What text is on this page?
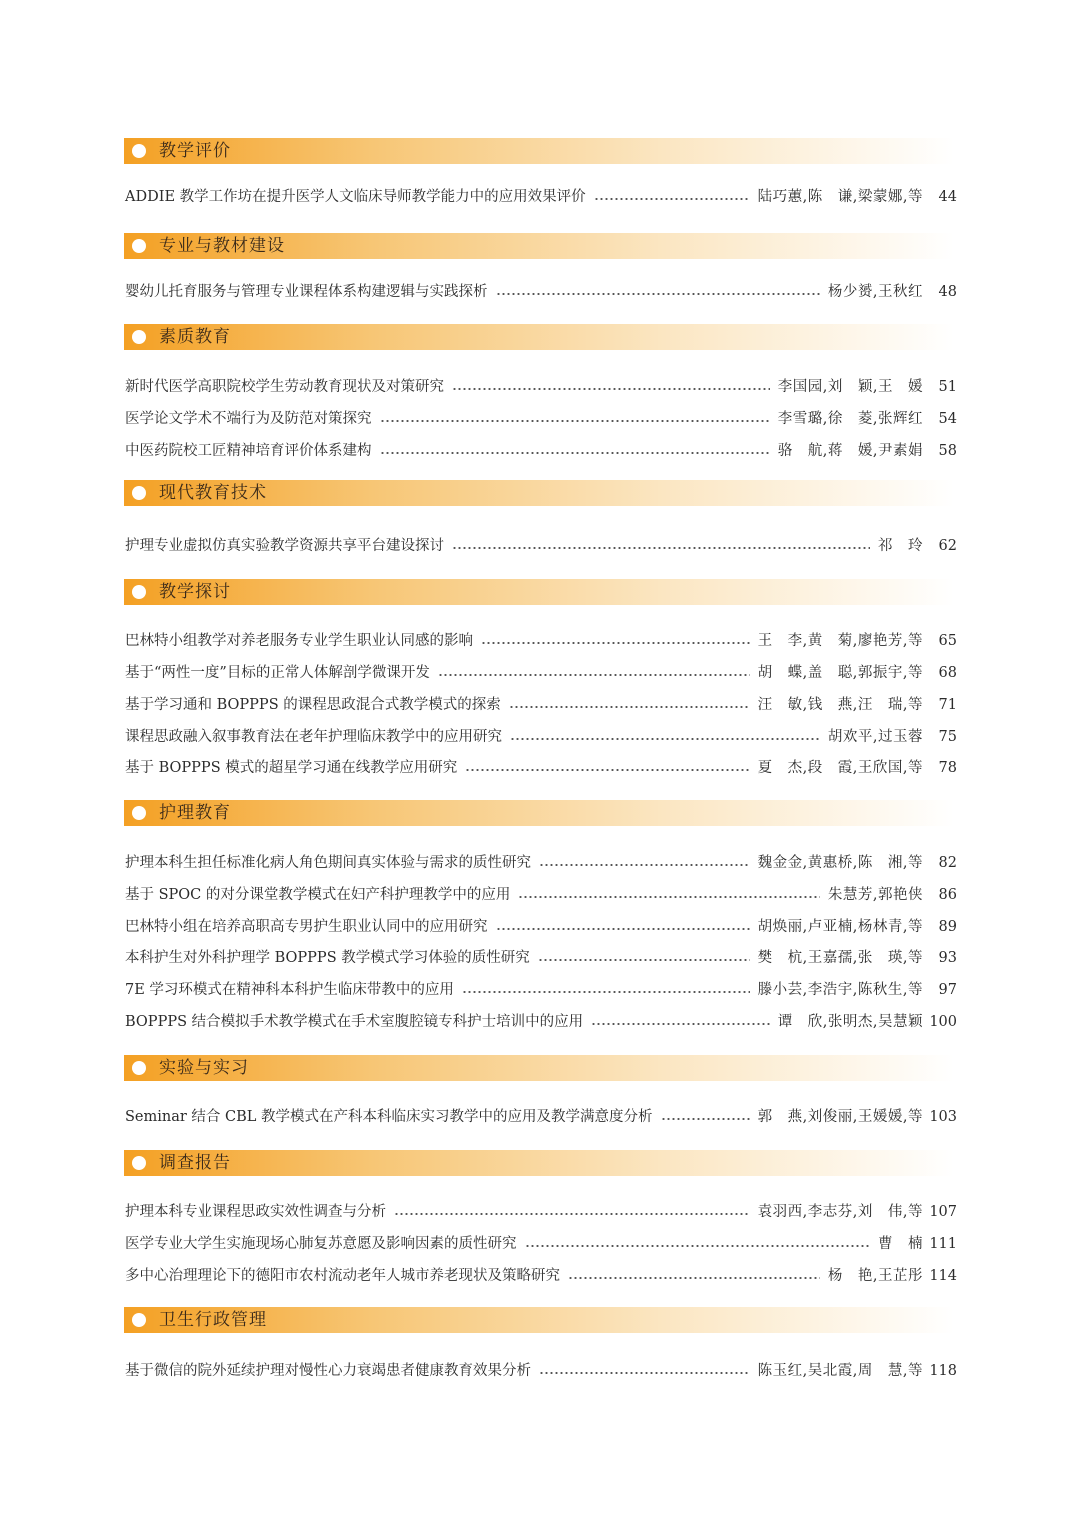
教学评价
ADDIE 教学工作坊在提升医学人文临床导师教学能力中的应用效果评价	陆巧蕙,陈　谦,梁蒙娜,等	44
专业与教材建设
婴幼儿托育服务与管理专业课程体系构建逻辑与实践探析	杨少赟,王秋红	48
素质教育
新时代医学高职院校学生劳动教育现状及对策研究	李国园,刘　颖,王　媛	51
医学论文学术不端行为及防范对策探究	李雪璐,徐　菱,张辉红	54
中医药院校工匠精神培育评价体系建构	骆　航,蒋　媛,尹素娟	58
现代教育技术
护理专业虚拟仿真实验教学资源共享平台建设探讨	祁　玲	62
教学探讨
巴林特小组教学对养老服务专业学生职业认同感的影响	王　李,黄　菊,廖艳芳,等	65
基于“两性一度”目标的正常人体解剖学微课开发	胡　蝶,盖　聪,郭振宇,等	68
基于学习通和 BOPPPS 的课程思政混合式教学模式的探索	汪　敏,钱　燕,汪　瑞,等	71
课程思政融入叙事教育法在老年护理临床教学中的应用研究	胡欢平,过玉蓉	75
基于 BOPPPS 模式的超星学习通在线教学应用研究	夏　杰,段　霞,王欣国,等	78
护理教育
护理本科生担任标准化病人角色期间真实体验与需求的质性研究	魏金金,黄惠桥,陈　湘,等	82
基于 SPOC 的对分课堂教学模式在妇产科护理教学中的应用	朱慧芳,郭艳侠	86
巴林特小组在培养高职高专男护生职业认同中的应用研究	胡焕丽,卢亚楠,杨林青,等	89
本科护生对外科护理学 BOPPPS 教学模式学习体验的质性研究	樊　杭,王嘉孺,张　瑛,等	93
7E 学习环模式在精神科本科护生临床带教中的应用	滕小芸,李浩宇,陈秋生,等	97
BOPPPS 结合模拟手术教学模式在手术室腹腔镜专科护士培训中的应用	谭　欣,张明杰,吴慧颖 100
实验与实习
Seminar 结合 CBL 教学模式在产科本科临床实习教学中的应用及教学满意度分析	郭　燕,刘俊丽,王媛媛,等 103
调查报告
护理本科专业课程思政实效性调查与分析	袁羽西,李志芬,刘　伟,等 107
医学专业大学生实施现场心肺复苏意愿及影响因素的质性研究	曹　楠 111
多中心治理理论下的德阳市农村流动老年人城市养老现状及策略研究	杨　艳,王芷彤 114
卫生行政管理
基于微信的院外延续护理对慢性心力衰竭患者健康教育效果分析	陈玉红,吴北霞,周　慧,等 118
